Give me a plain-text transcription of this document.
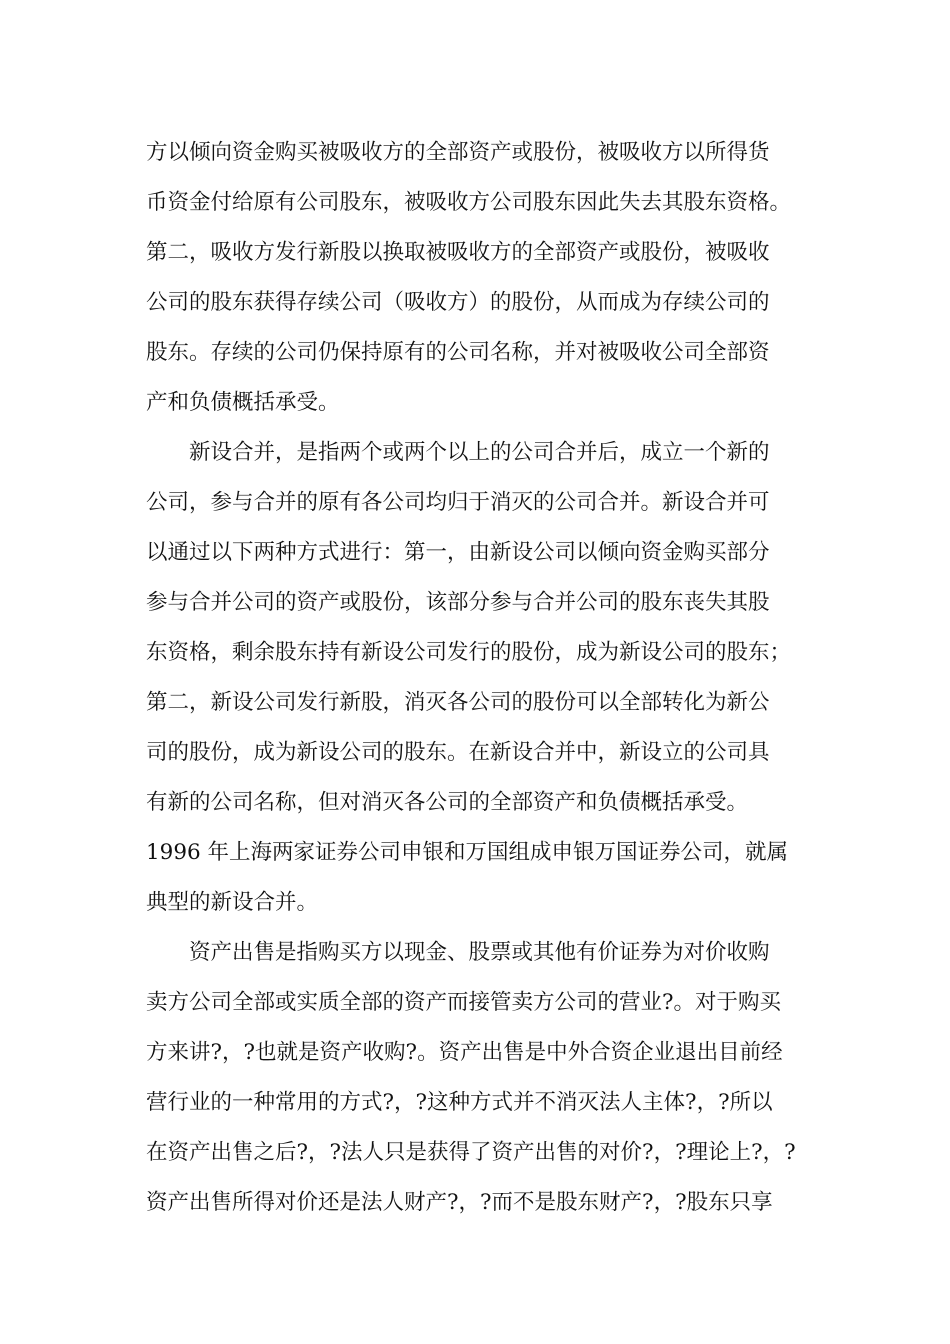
方以倾向资金购买被吸收方的全部资产或股份，被吸收方以所得货
币资金付给原有公司股东，被吸收方公司股东因此失去其股东资格。
第二，吸收方发行新股以换取被吸收方的全部资产或股份，被吸收
公司的股东获得存续公司（吸收方）的股份，从而成为存续公司的
股东。存续的公司仍保持原有的公司名称，并对被吸收公司全部资
产和负债概括承受。
新设合并，是指两个或两个以上的公司合并后，成立一个新的
公司，参与合并的原有各公司均归于消灭的公司合并。新设合并可
以通过以下两种方式进行：第一，由新设公司以倾向资金购买部分
参与合并公司的资产或股份，该部分参与合并公司的股东丧失其股
东资格，剩余股东持有新设公司发行的股份，成为新设公司的股东；
第二，新设公司发行新股，消灭各公司的股份可以全部转化为新公
司的股份，成为新设公司的股东。在新设合并中，新设立的公司具
有新的公司名称，但对消灭各公司的全部资产和负债概括承受。
1996 年上海两家证券公司申银和万国组成申银万国证券公司，就属
典型的新设合并。
资产出售是指购买方以现金、股票或其他有价证券为对价收购
卖方公司全部或实质全部的资产而接管卖方公司的营业?。对于购买
方来讲?，?也就是资产收购?。资产出售是中外合资企业退出目前经
营行业的一种常用的方式?，?这种方式并不消灭法人主体?，?所以
在资产出售之后?，?法人只是获得了资产出售的对价?，?理论上?，?
资产出售所得对价还是法人财产?，?而不是股东财产?，?股东只享
